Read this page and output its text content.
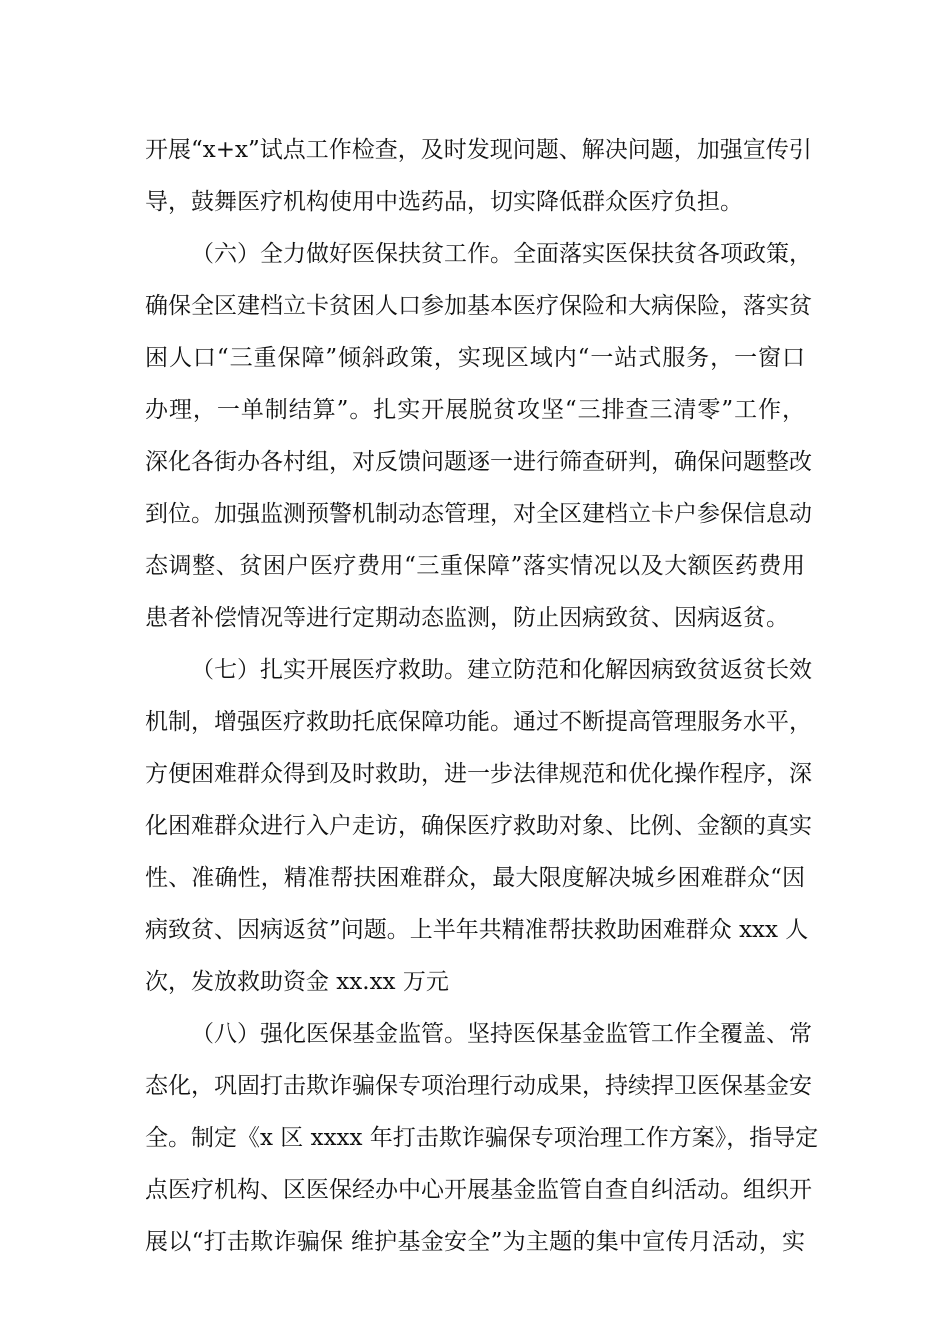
开展“x+x”试点工作检查，及时发现问题、解决问题，加强宣传引
导，鼓舞医疗机构使用中选药品，切实降低群众医疗负担。
（六）全力做好医保扶贫工作。全面落实医保扶贫各项政策，
确保全区建档立卡贫困人口参加基本医疗保险和大病保险，落实贫
困人口“三重保障”倾斜政策，实现区域内“一站式服务，一窗口
办理，一单制结算”。扎实开展脱贫攻坚“三排查三清零”工作，
深化各街办各村组，对反馈问题逐一进行筛查研判，确保问题整改
到位。加强监测预警机制动态管理，对全区建档立卡户参保信息动
态调整、贫困户医疗费用“三重保障”落实情况以及大额医药费用
患者补偿情况等进行定期动态监测，防止因病致贫、因病返贫。
（七）扎实开展医疗救助。建立防范和化解因病致贫返贫长效
机制，增强医疗救助托底保障功能。通过不断提高管理服务水平，
方便困难群众得到及时救助，进一步法律规范和优化操作程序，深
化困难群众进行入户走访，确保医疗救助对象、比例、金额的真实
性、准确性，精准帮扶困难群众，最大限度解决城乡困难群众“因
病致贫、因病返贫”问题。上半年共精准帮扶救助困难群众 xxx 人
次，发放救助资金 xx.xx 万元
（八）强化医保基金监管。坚持医保基金监管工作全覆盖、常
态化，巩固打击欺诈骗保专项治理行动成果，持续捍卫医保基金安
全。制定《x 区 xxxx 年打击欺诈骗保专项治理工作方案》，指导定
点医疗机构、区医保经办中心开展基金监管自查自纠活动。组织开
展以“打击欺诈骗保 维护基金安全”为主题的集中宣传月活动，实
